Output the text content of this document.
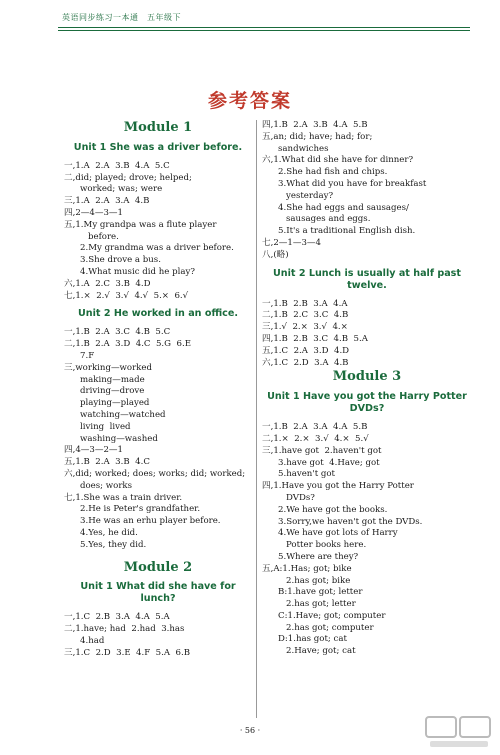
英语同步练习一本通　五年级下
参考答案
Module 1
Unit 1 She was a driver before.
一,1.A  2.A  3.B  4.A  5.C
二,did; played; drove; helped;
worked; was; were
三,1.A  2.A  3.A  4.B
四,2—4—3—1
五,1.My grandpa was a flute player
before.
2.My grandma was a driver before.
3.She drove a bus.
4.What music did he play?
六,1.A  2.C  3.B  4.D
七,1.×  2.√  3.√  4.√  5.×  6.√
Unit 2 He worked in an office.
一,1.B  2.A  3.C  4.B  5.C
二,1.B  2.A  3.D  4.C  5.G  6.E
7.F
三,working—worked
making—made
driving—drove
playing—played
watching—watched
living  lived
washing—washed
四,4—3—2—1
五,1.B  2.A  3.B  4.C
六,did; worked; does; works; did; worked;
does; works
七,1.She was a train driver.
2.He is Peter's grandfather.
3.He was an erhu player before.
4.Yes, he did.
5.Yes, they did.
Module 2
Unit 1 What did she have for lunch?
一,1.C  2.B  3.A  4.A  5.A
二,1.have; had  2.had  3.has
4.had
三,1.C  2.D  3.E  4.F  5.A  6.B
四,1.B  2.A  3.B  4.A  5.B
五,an; did; have; had; for;
sandwiches
六,1.What did she have for dinner?
2.She had fish and chips.
3.What did you have for breakfast
yesterday?
4.She had eggs and sausages/
sausages and eggs.
5.It's a traditional English dish.
七,2—1—3—4
八,(略)
Unit 2 Lunch is usually at half past twelve.
一,1.B  2.B  3.A  4.A
二,1.B  2.C  3.C  4.B
三,1.√  2.×  3.√  4.×
四,1.B  2.B  3.C  4.B  5.A
五,1.C  2.A  3.D  4.D
六,1.C  2.D  3.A  4.B
Module 3
Unit 1 Have you got the Harry Potter DVDs?
一,1.B  2.A  3.A  4.A  5.B
二,1.×  2.×  3.√  4.×  5.√
三,1.have got  2.haven't got
3.have got  4.Have; got
5.haven't got
四,1.Have you got the Harry Potter
DVDs?
2.We have got the books.
3.Sorry,we haven't got the DVDs.
4.We have got lots of Harry
Potter books here.
5.Where are they?
五,A:1.Has; got; bike
2.has got; bike
B:1.have got; letter
2.has got; letter
C:1.Have; got; computer
2.has got; computer
D:1.has got; cat
2.Have; got; cat
· 56 ·
